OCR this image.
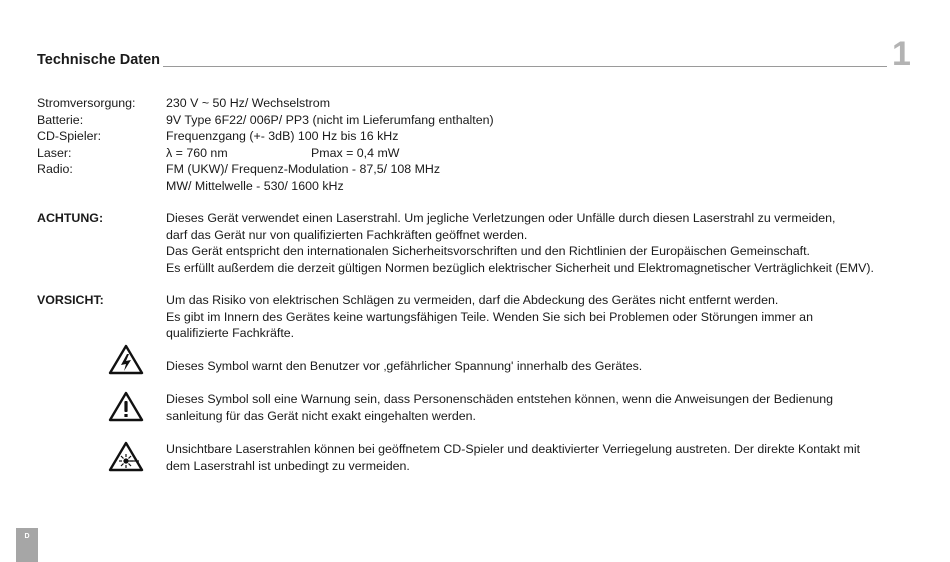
Technische Daten	1
Stromversorgung: 230 V ~ 50 Hz/ Wechselstrom
Batterie:	9V Type 6F22/ 006P/ PP3 (nicht im Lieferumfang enthalten)
CD-Spieler:	Frequenzgang (+- 3dB) 100 Hz bis 16 kHz
Laser:	λ = 760 nm	Pmax = 0,4 mW
Radio:	FM (UKW)/ Frequenz-Modulation - 87,5/ 108 MHz
MW/ Mittelwelle - 530/ 1600 kHz
ACHTUNG:	Dieses Gerät verwendet einen Laserstrahl. Um jegliche Verletzungen oder Unfälle durch diesen Laserstrahl zu vermeiden,
darf das Gerät nur von qualifizierten Fachkräften geöffnet werden.
Das Gerät entspricht den internationalen Sicherheitsvorschriften und den Richtlinien der Europäischen Gemeinschaft.
Es erfüllt außerdem die derzeit gültigen Normen bezüglich elektrischer Sicherheit und Elektromagnetischer Verträglichkeit (EMV).
VORSICHT:	Um das Risiko von elektrischen Schlägen zu vermeiden, darf die Abdeckung des Gerätes nicht entfernt werden.
Es gibt im Innern des Gerätes keine wartungsfähigen Teile. Wenden Sie sich bei Problemen oder Störungen immer an
qualifizierte Fachkräfte.
Dieses Symbol warnt den Benutzer vor ‚gefährlicher Spannung' innerhalb des Gerätes.
Dieses Symbol soll eine Warnung sein, dass Personenschäden entstehen können, wenn die Anweisungen der Bedienung
sanleitung für das Gerät nicht exakt eingehalten werden.
Unsichtbare Laserstrahlen können bei geöffnetem CD-Spieler und deaktivierter Verriegelung austreten. Der direkte Kontakt mit
dem Laserstrahl ist unbedingt zu vermeiden.
D
